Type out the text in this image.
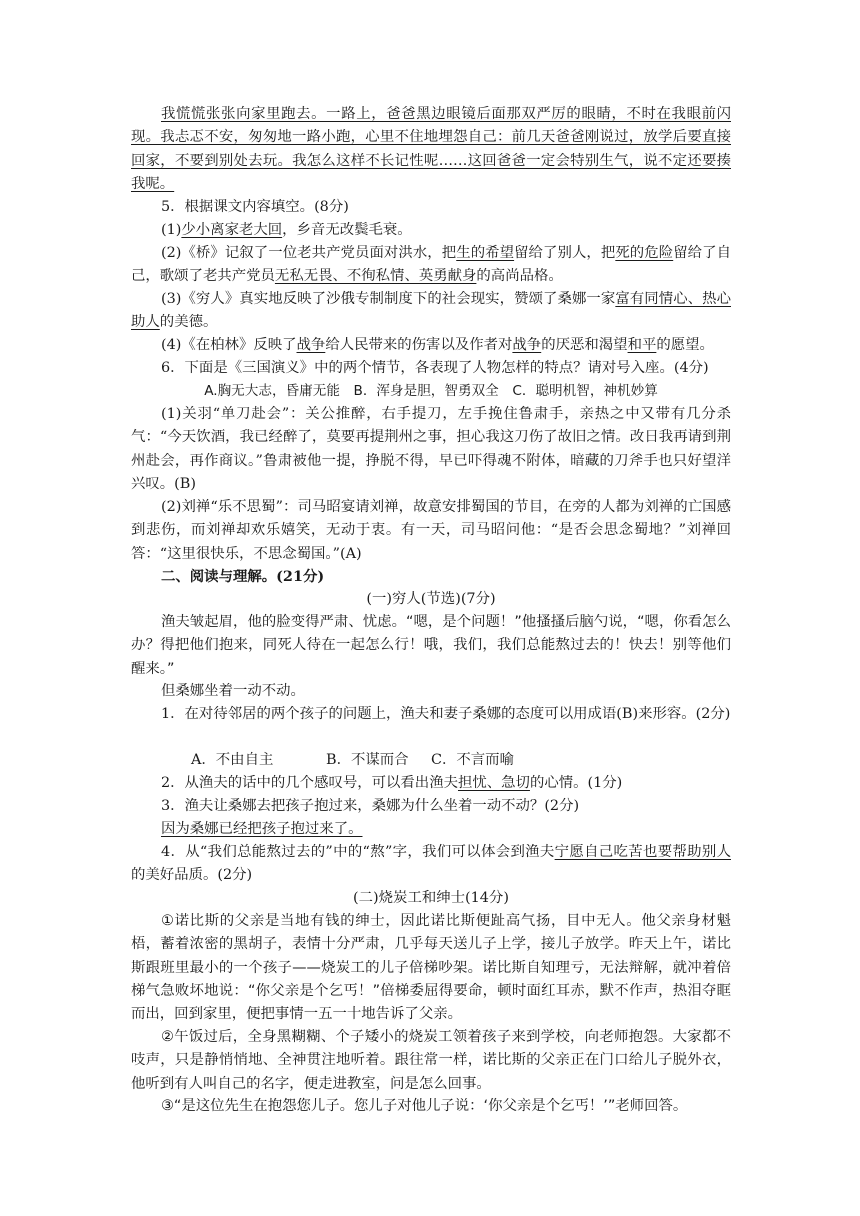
我慌慌张张向家里跑去。一路上，爸爸黑边眼镜后面那双严厉的眼睛，不时在我眼前闪现。我忐忑不安，匆匆地一路小跑，心里不住地埋怨自己：前几天爸爸刚说过，放学后要直接回家，不要到别处去玩。我怎么这样不长记性呢……这回爸爸一定会特别生气，说不定还要揍我呢。
5．根据课文内容填空。(8分)
(1)少小离家老大回，乡音无改鬓毛衰。
(2)《桥》记叙了一位老共产党员面对洪水，把生的希望留给了别人，把死的危险留给了自己，歌颂了老共产党员无私无畏、不徇私情、英勇献身的高尚品格。
(3)《穷人》真实地反映了沙俄专制制度下的社会现实，赞颂了桑娜一家富有同情心、热心助人的美德。
(4)《在柏林》反映了战争给人民带来的伤害以及作者对战争的厌恶和渴望和平的愿望。
6．下面是《三国演义》中的两个情节，各表现了人物怎样的特点？请对号入座。(4分)
A.胸无大志，昏庸无能　B．浑身是胆，智勇双全　C．聪明机智，神机妙算
(1)关羽“单刀赴会”：关公推醉，右手提刀，左手挽住鲁肃手，亲热之中又带有几分杀气：“今天饮酒，我已经醉了，莫要再提荆州之事，担心我这刀伤了故旧之情。改日我再请到荆州赴会，再作商议。”鲁肃被他一提，挣脱不得，早已吓得魂不附体，暗藏的刀斧手也只好望洋兴叹。(B)
(2)刘禅“乐不思蜀”：司马昭宴请刘禅，故意安排蜀国的节目，在旁的人都为刘禅的亡国感到悲伤，而刘禅却欢乐嬉笑，无动于衷。有一天，司马昭问他：“是否会思念蜀地？”刘禅回答：“这里很快乐，不思念蜀国。”(A)
二、阅读与理解。(21分)
(一)穷人(节选)(7分)
渔夫皱起眉，他的脸变得严肃、忧虑。“嗯，是个问题！”他搔搔后脑勺说，“嗯，你看怎么办？得把他们抱来，同死人待在一起怎么行！哦，我们，我们总能熬过去的！快去！别等他们醒来。”
但桑娜坐着一动不动。
1．在对待邻居的两个孩子的问题上，渔夫和妻子桑娜的态度可以用成语(B)来形容。(2分)
A．不由自主	B．不谋而合 C．不言而喻
2．从渔夫的话中的几个感叹号，可以看出渔夫担忧、急切的心情。(1分)
3．渔夫让桑娜去把孩子抱过来，桑娜为什么坐着一动不动？(2分)
因为桑娜已经把孩子抱过来了。
4．从“我们总能熬过去的”中的“熬”字，我们可以体会到渔夫宁愿自己吃苦也要帮助别人的美好品质。(2分)
(二)烧炭工和绅士(14分)
①诺比斯的父亲是当地有钱的绅士，因此诺比斯便趾高气扬，目中无人。他父亲身材魁梧，蓄着浓密的黑胡子，表情十分严肃，几乎每天送儿子上学，接儿子放学。昨天上午，诺比斯跟班里最小的一个孩子——烧炭工的儿子倍梯吵架。诺比斯自知理亏，无法辩解，就冲着倍梯气急败坏地说：“你父亲是个乞丐！”倍梯委屈得要命，顿时面红耳赤，默不作声，热泪夺眶而出，回到家里，便把事情一五一十地告诉了父亲。
②午饭过后，全身黑糊糊、个子矮小的烧炭工领着孩子来到学校，向老师抱怨。大家都不吱声，只是静悄悄地、全神贯注地听着。跟往常一样，诺比斯的父亲正在门口给儿子脱外衣，他听到有人叫自己的名字，便走进教室，问是怎么回事。
③“是这位先生在抱怨您儿子。您儿子对他儿子说：‘你父亲是个乞丐！’”老师回答。
